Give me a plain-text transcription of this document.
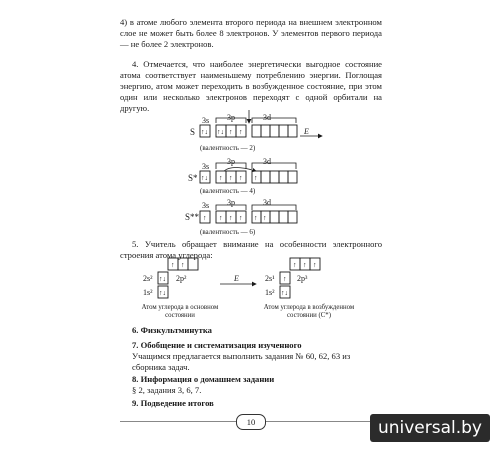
4) в атоме любого элемента второго периода на внешнем электронном слое не может быть более 8 электронов. У элементов первого периода — не более 2 электронов.
4. Отмечается, что наиболее энергетически выгодное состояние атома соответствует наименьшему потреблению энергии. Поглощая энергию, атом может переходить в возбужденное состояние, при этом один или несколько электронов переходят с одной орбитали на другую.
3s 3p	3d
S ↑↓ ↑↓ ↑ ↑	E
(валентность — 2)
3s
3p	3d
S* ↑↓ ↑ ↑ ↑ ↑
(валентность — 4)
3s 3p	3d
S** ↑ ↑ ↑ ↑ ↑ ↑
(валентность — 6)
↑ ↑
↑↓
↑↓
2s²	2p²
1s²
E
↑ ↑ ↑
↑
↑↓
2s¹	2p³
1s²
5. Учитель обращает внимание на особенности электронного строения атома углерода:
Атом углерода в основном состоянии
Атом углерода в возбужденном состоянии (C*)
6. Физкультминутка
7. Обобщение и систематизация изученного
Учащимся предлагается выполнить задания № 60, 62, 63 из сборника задач.
8. Информация о домашнем задании
§ 2, задания 3, 6, 7.
9. Подведение итогов
10	universal.by
